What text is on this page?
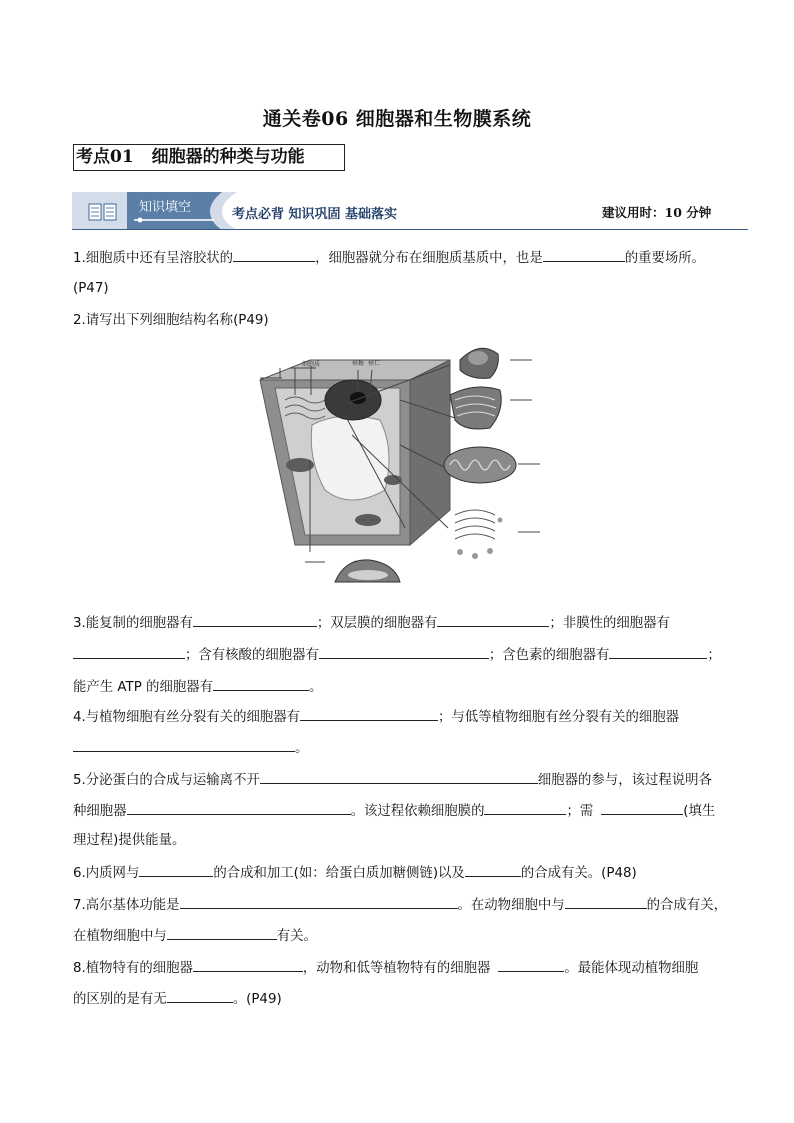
通关卷06 细胞器和生物膜系统
考点01 细胞器的种类与功能
知识填空	考点必背 知识巩固 基础落实	建议用时：10 分钟
1.细胞质中还有呈溶胶状的	，细胞器就分布在细胞质基质中，也是	的重要场所。
(P47)
2.请写出下列细胞结构名称(P49)
细胞质	核糖 核仁
3.能复制的细胞器有	；双层膜的细胞器有	；非膜性的细胞器有
；含有核酸的细胞器有	；含色素的细胞器有	；
能产生 ATP 的细胞器有	。
4.与植物细胞有丝分裂有关的细胞器有	；与低等植物细胞有丝分裂有关的细胞器
。
5.分泌蛋白的合成与运输离不开	细胞器的参与，该过程说明各
种细胞器	。该过程依赖细胞膜的	；需	(填生
理过程)提供能量。
6.内质网与	的合成和加工(如：给蛋白质加糖侧链)以及	的合成有关。(P48)
7.高尔基体功能是	。在动物细胞中与	的合成有关，
在植物细胞中与	有关。
8.植物特有的细胞器	，动物和低等植物特有的细胞器	。最能体现动植物细胞
的区别的是有无	。(P49)
